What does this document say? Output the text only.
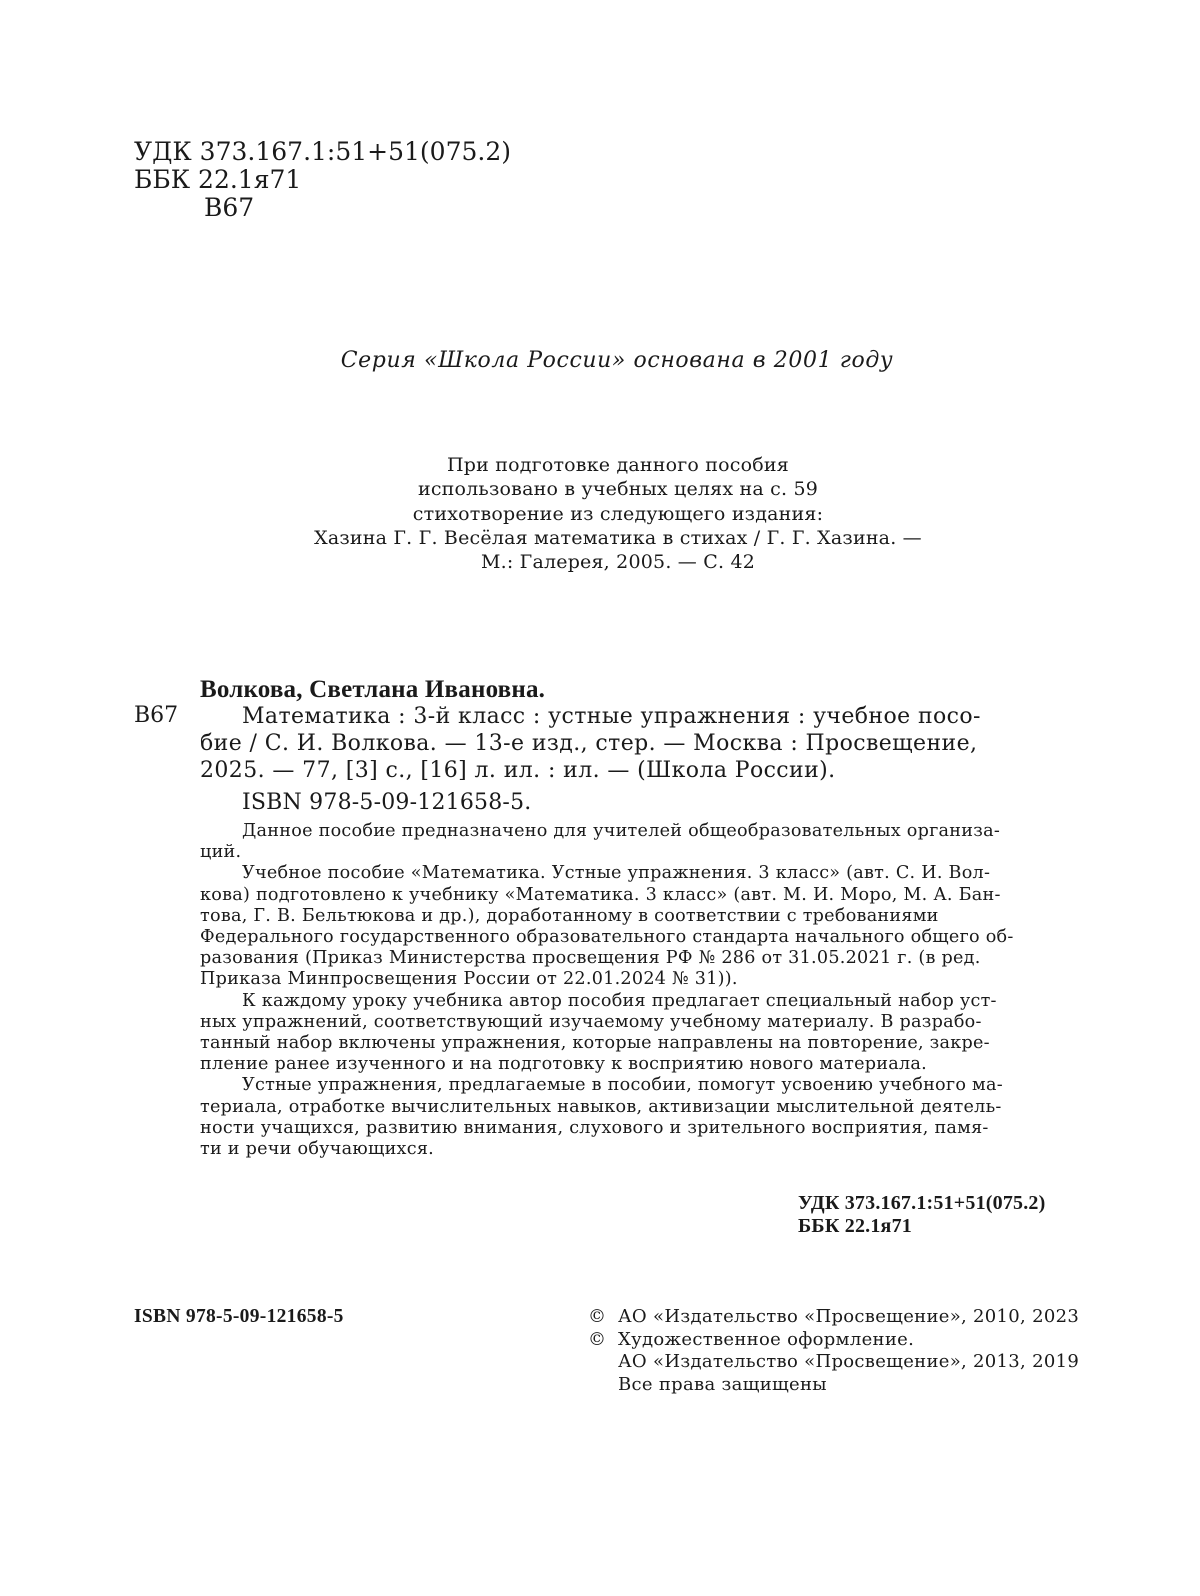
УДК 373.167.1:51+51(075.2)
ББК 22.1я71
В67
Серия «Школа России» основана в 2001 году
При подготовке данного пособия
использовано в учебных целях на с. 59
стихотворение из следующего издания:
Хазина Г. Г. Весёлая математика в стихах / Г. Г. Хазина. —
М.: Галерея, 2005. — С. 42
Волкова, Светлана Ивановна.
В67	Математика : 3-й класс : устные упражнения : учебное посо-
бие / С. И. Волкова. — 13-е изд., стер. — Москва : Просвещение,
2025. — 77, [3] с., [16] л. ил. : ил. — (Школа России).
ISBN 978-5-09-121658-5.

Данное пособие предназначено для учителей общеобразовательных организа-
ций.

Учебное пособие «Математика. Устные упражнения. 3 класс» (авт. С. И. Вол-
кова) подготовлено к учебнику «Математика. 3 класс» (авт. М. И. Моро, М. А. Бан-
това, Г. В. Бельтюкова и др.), доработанному в соответствии с требованиями
Федерального государственного образовательного стандарта начального общего об-
разования (Приказ Министерства просвещения РФ № 286 от 31.05.2021 г. (в ред.
Приказа Минпросвещения России от 22.01.2024 № 31)).

К каждому уроку учебника автор пособия предлагает специальный набор уст-
ных упражнений, соответствующий изучаемому учебному материалу. В разрабо-
танный набор включены упражнения, которые направлены на повторение, закре-
пление ранее изученного и на подготовку к восприятию нового материала.

Устные упражнения, предлагаемые в пособии, помогут усвоению учебного ма-
териала, отработке вычислительных навыков, активизации мыслительной деятель-
ности учащихся, развитию внимания, слухового и зрительного восприятия, памя-
ти и речи обучающихся.

УДК 373.167.1:51+51(075.2)
ББК 22.1я71
ISBN 978-5-09-121658-5	© АО «Издательство «Просвещение», 2010, 2023
© Художественное оформление.
АО «Издательство «Просвещение», 2013, 2019
Все права защищены
